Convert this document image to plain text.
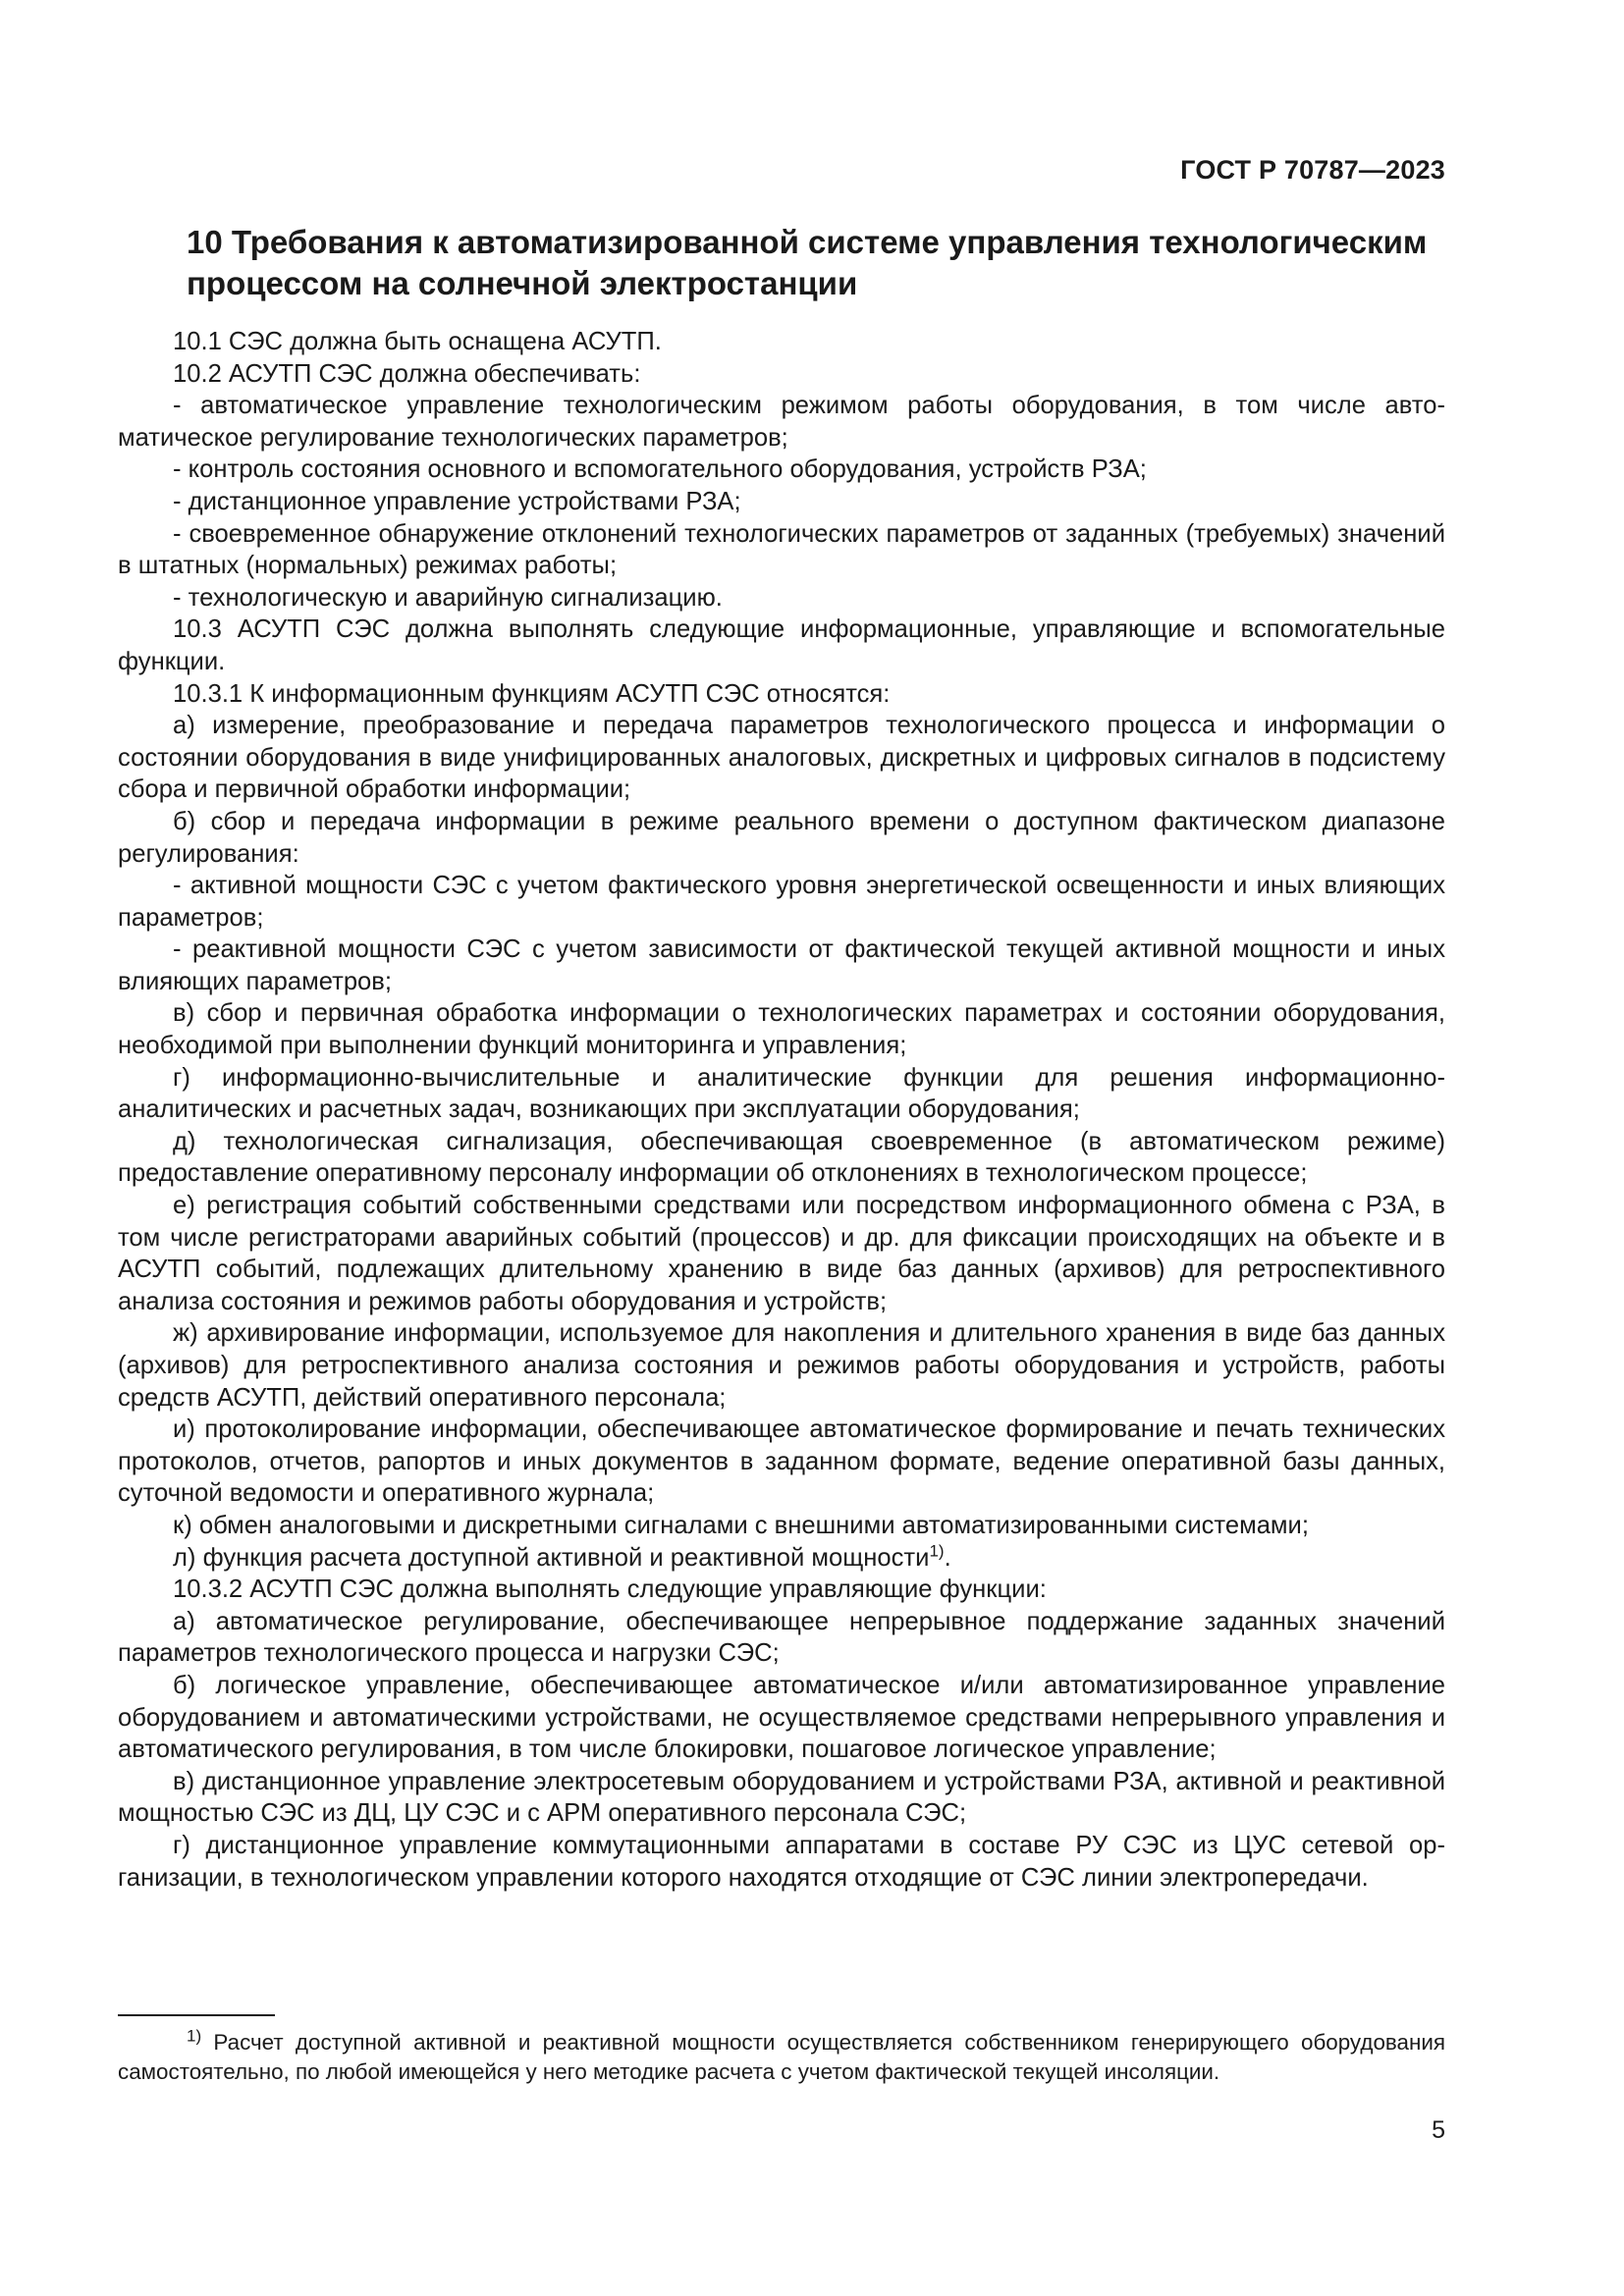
ГОСТ Р 70787—2023
10 Требования к автоматизированной системе управления технологическим процессом на солнечной электростанции

10.1 СЭС должна быть оснащена АСУТП.

10.2 АСУТП СЭС должна обеспечивать:

- автоматическое управление технологическим режимом работы оборудования, в том числе автоматическое регулирование технологических параметров;

- контроль состояния основного и вспомогательного оборудования, устройств РЗА;

- дистанционное управление устройствами РЗА;

- своевременное обнаружение отклонений технологических параметров от заданных (требуемых) значений в штатных (нормальных) режимах работы;

- технологическую и аварийную сигнализацию.

10.3 АСУТП СЭС должна выполнять следующие информационные, управляющие и вспомогательные функции.

10.3.1 К информационным функциям АСУТП СЭС относятся:

а) измерение, преобразование и передача параметров технологического процесса и информации о состоянии оборудования в виде унифицированных аналоговых, дискретных и цифровых сигналов в подсистему сбора и первичной обработки информации;

б) сбор и передача информации в режиме реального времени о доступном фактическом диапазоне регулирования:

- активной мощности СЭС с учетом фактического уровня энергетической освещенности и иных влияющих параметров;

- реактивной мощности СЭС с учетом зависимости от фактической текущей активной мощности и иных влияющих параметров;

в) сбор и первичная обработка информации о технологических параметрах и состоянии оборудования, необходимой при выполнении функций мониторинга и управления;

г) информационно-вычислительные и аналитические функции для решения информационно-аналитических и расчетных задач, возникающих при эксплуатации оборудования;

д) технологическая сигнализация, обеспечивающая своевременное (в автоматическом режиме) предоставление оперативному персоналу информации об отклонениях в технологическом процессе;

е) регистрация событий собственными средствами или посредством информационного обмена с РЗА, в том числе регистраторами аварийных событий (процессов) и др. для фиксации происходящих на объекте и в АСУТП событий, подлежащих длительному хранению в виде баз данных (архивов) для ретроспективного анализа состояния и режимов работы оборудования и устройств;

ж) архивирование информации, используемое для накопления и длительного хранения в виде баз данных (архивов) для ретроспективного анализа состояния и режимов работы оборудования и устройств, работы средств АСУТП, действий оперативного персонала;

и) протоколирование информации, обеспечивающее автоматическое формирование и печать технических протоколов, отчетов, рапортов и иных документов в заданном формате, ведение оперативной базы данных, суточной ведомости и оперативного журнала;

к) обмен аналоговыми и дискретными сигналами с внешними автоматизированными системами;

л) функция расчета доступной активной и реактивной мощности$^{1)}$.

10.3.2 АСУТП СЭС должна выполнять следующие управляющие функции:

а) автоматическое регулирование, обеспечивающее непрерывное поддержание заданных значений параметров технологического процесса и нагрузки СЭС;

б) логическое управление, обеспечивающее автоматическое и/или автоматизированное управление оборудованием и автоматическими устройствами, не осуществляемое средствами непрерывного управления и автоматического регулирования, в том числе блокировки, пошаговое логическое управление;

в) дистанционное управление электросетевым оборудованием и устройствами РЗА, активной и реактивной мощностью СЭС из ДЦ, ЦУ СЭС и с АРМ оперативного персонала СЭС;

г) дистанционное управление коммутационными аппаратами в составе РУ СЭС из ЦУС сетевой организации, в технологическом управлении которого находятся отходящие от СЭС линии электропередачи.

$^{1)}$ Расчет доступной активной и реактивной мощности осуществляется собственником генерирующего оборудования самостоятельно, по любой имеющейся у него методике расчета с учетом фактической текущей инсоляции.

5
